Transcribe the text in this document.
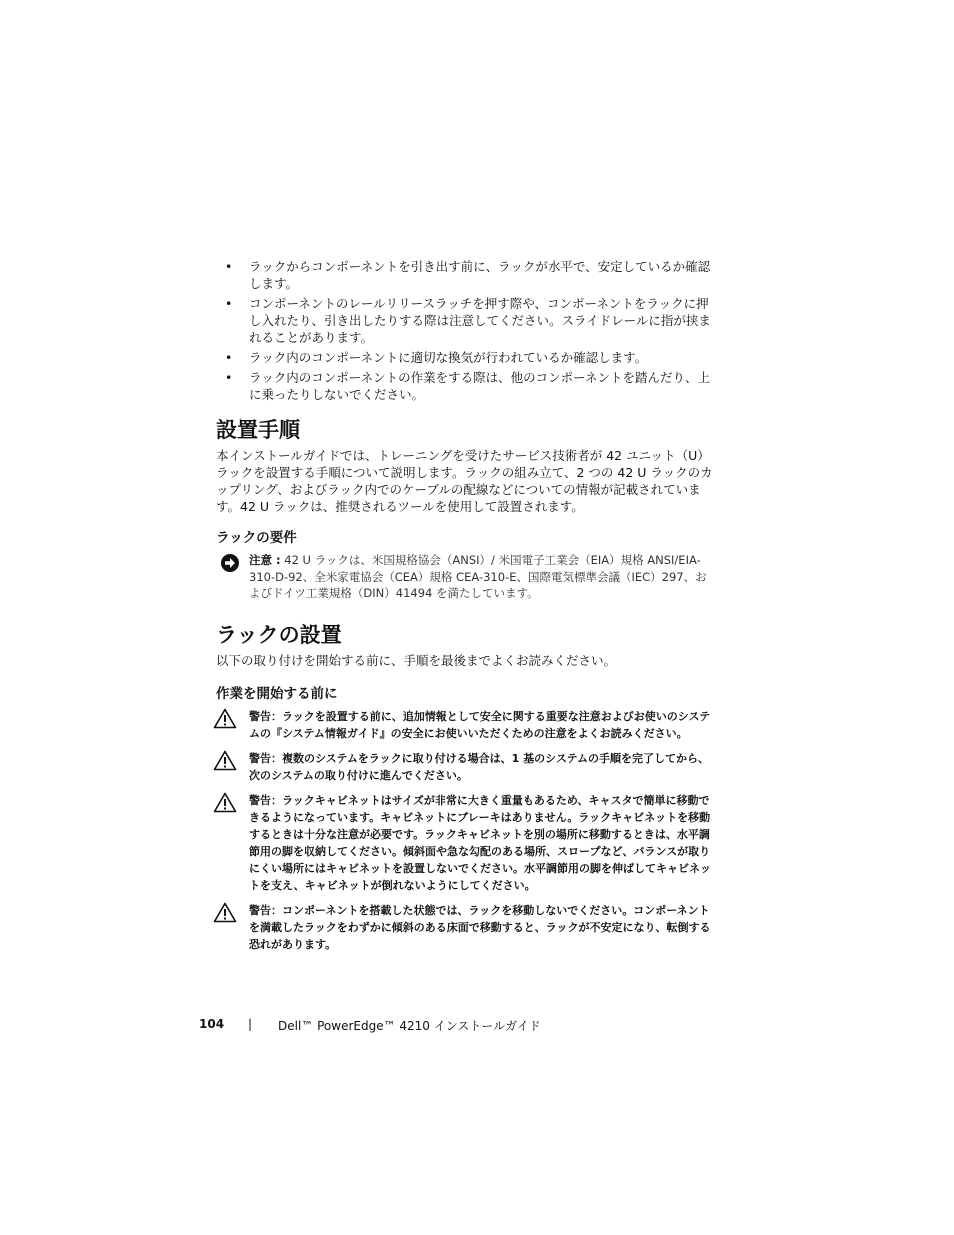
• ラックからコンポーネントを引き出す前に、ラックが水平で、安定しているか確認します。
• コンポーネントのレールリリースラッチを押す際や、コンポーネントをラックに押し入れたり、引き出したりする際は注意してください。スライドレールに指が挟まれることがあります。
• ラック内のコンポーネントに適切な換気が行われているか確認します。
• ラック内のコンポーネントの作業をする際は、他のコンポーネントを踏んだり、上に乗ったりしないでください。
設置手順

本インストールガイドでは、トレーニングを受けたサービス技術者が 42 ユニット（U）ラックを設置する手順について説明します。ラックの組み立て、2 つの 42 U ラックのカップリング、およびラック内でのケーブルの配線などについての情報が記載されています。42 U ラックは、推奨されるツールを使用して設置されます。

ラックの要件
注意 : 42 U ラックは、米国規格協会（ANSI）/ 米国電子工業会（EIA）規格 ANSI/EIA-310-D-92、全米家電協会（CEA）規格 CEA-310-E、国際電気標準会議（IEC）297、およびドイツ工業規格（DIN）41494 を満たしています。
ラックの設置

以下の取り付けを開始する前に、手順を最後までよくお読みください。

作業を開始する前に
警告：ラックを設置する前に、追加情報として安全に関する重要な注意およびお使いのシステムの『システム情報ガイド』の安全にお使いいただくための注意をよくお読みください。
警告：複数のシステムをラックに取り付ける場合は、1 基のシステムの手順を完了してから、次のシステムの取り付けに進んでください。
警告：ラックキャビネットはサイズが非常に大きく重量もあるため、キャスタで簡単に移動できるようになっています。キャビネットにブレーキはありません。ラックキャビネットを移動するときは十分な注意が必要です。ラックキャビネットを別の場所に移動するときは、水平調節用の脚を収納してください。傾斜面や急な勾配のある場所、スロープなど、バランスが取りにくい場所にはキャビネットを設置しないでください。水平調節用の脚を伸ばしてキャビネットを支え、キャビネットが倒れないようにしてください。
警告：コンポーネントを搭載した状態では、ラックを移動しないでください。コンポーネントを満載したラックをわずかに傾斜のある床面で移動すると、ラックが不安定になり、転倒する恐れがあります。
104 | Dell™ PowerEdge™ 4210 インストールガイド
